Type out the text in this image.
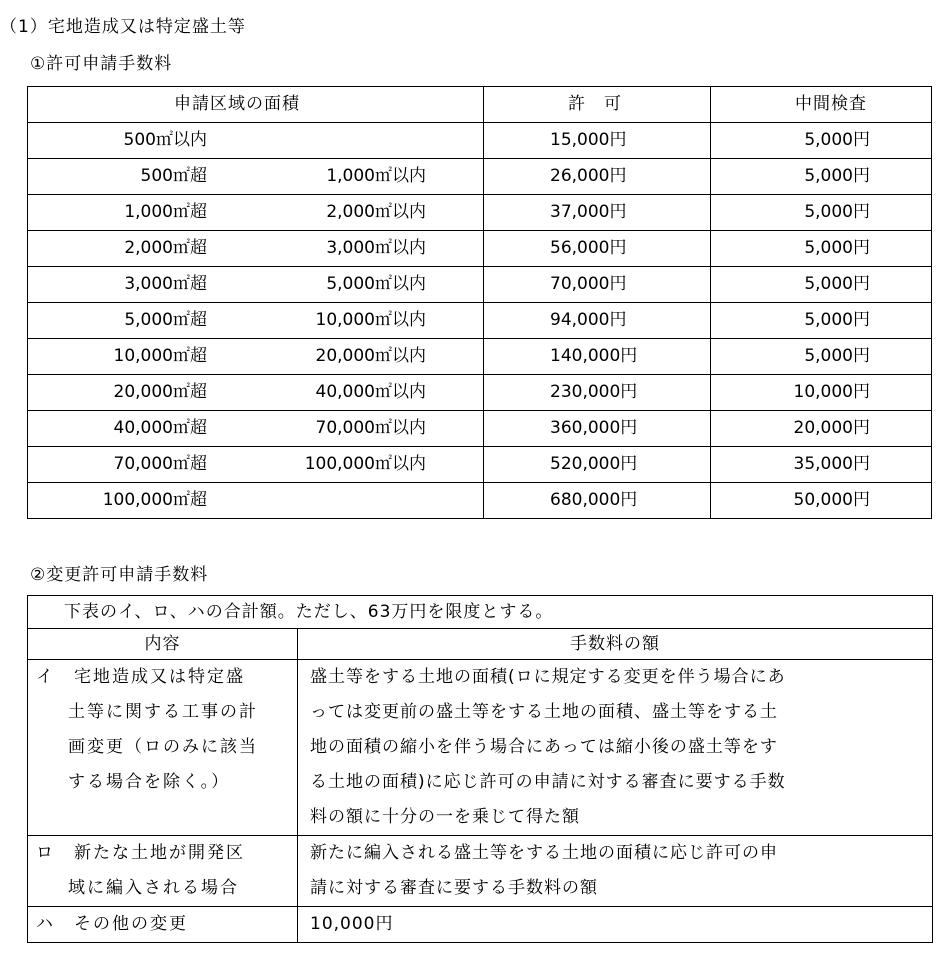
（1）宅地造成又は特定盛土等
①許可申請手数料
申請区域の面積	許　可	中間検査

500㎡以内	15,000円	5,000円

500㎡超 1,000㎡以内	26,000円	5,000円

1,000㎡超 2,000㎡以内	37,000円	5,000円

2,000㎡超 3,000㎡以内	56,000円	5,000円

3,000㎡超 5,000㎡以内	70,000円	5,000円

5,000㎡超 10,000㎡以内	94,000円	5,000円

10,000㎡超 20,000㎡以内	140,000円	5,000円

20,000㎡超 40,000㎡以内	230,000円	10,000円

40,000㎡超 70,000㎡以内	360,000円	20,000円

70,000㎡超 100,000㎡以内	520,000円	35,000円

100,000㎡超	680,000円	50,000円
②変更許可申請手数料
下表のイ、ロ、ハの合計額。ただし、63万円を限度とする。	
内容	手数料の額

イ　宅地造成又は特定盛
土等に関する工事の計
画変更（ロのみに該当
する場合を除く。）	盛土等をする土地の面積(ロに規定する変更を伴う場合にあ
っては変更前の盛土等をする土地の面積、盛土等をする土
地の面積の縮小を伴う場合にあっては縮小後の盛土等をす
る土地の面積)に応じ許可の申請に対する審査に要する手数
料の額に十分の一を乗じて得た額

ロ　新たな土地が開発区
域に編入される場合	新たに編入される盛土等をする土地の面積に応じ許可の申
請に対する審査に要する手数料の額

ハ　その他の変更	10,000円
